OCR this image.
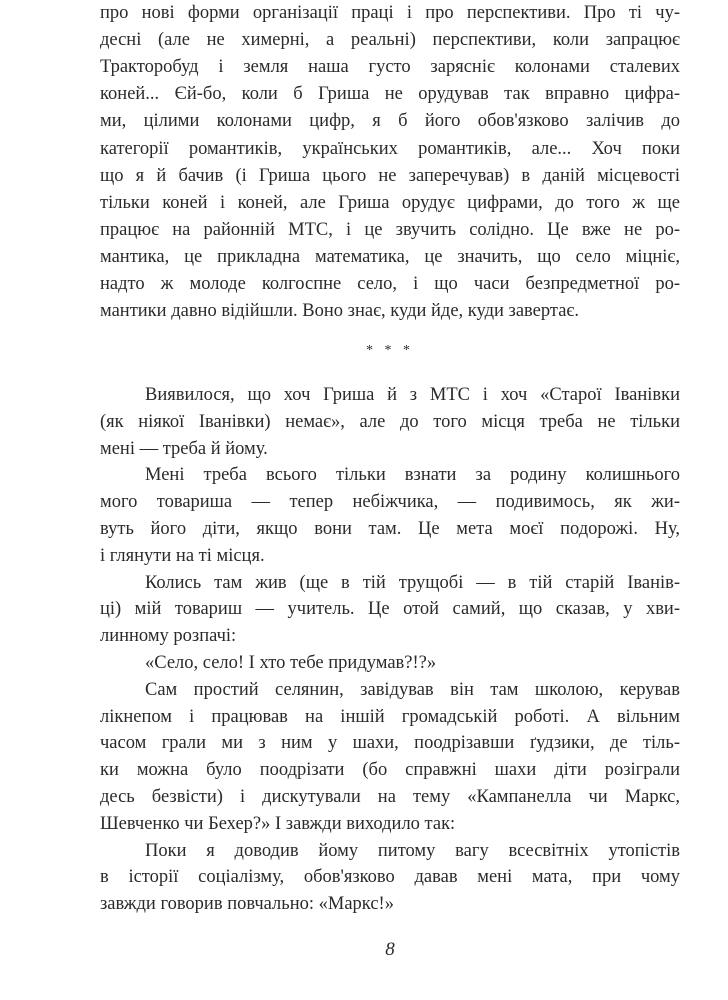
* * *
8
про нові форми організації праці і про перспективи. Про ті чу-
десні (але не химерні, а реальні) перспективи, коли запрацює
Тракторобуд і земля наша густо зарясніє колонами сталевих
коней... Єй-бо, коли б Гриша не орудував так вправно цифра-
ми, цілими колонами цифр, я б його обов'язково залічив до
категорії романтиків, українських романтиків, але... Хоч поки
що я й бачив (і Гриша цього не заперечував) в даній місцевості
тільки коней і коней, але Гриша орудує цифрами, до того ж ще
працює на районній МТС, і це звучить солідно. Це вже не ро-
мантика, це прикладна математика, це значить, що село міцніє,
надто ж молоде колгоспне село, і що часи безпредметної ро-
мантики давно відійшли. Воно знає, куди йде, куди завертає.
Виявилося, що хоч Гриша й з МТС і хоч «Старої Іванівки
(як ніякої Іванівки) немає», але до того місця треба не тільки
мені — треба й йому.
Мені треба всього тільки взнати за родину колишнього
мого товариша — тепер небіжчика, — подивимось, як жи-
вуть його діти, якщо вони там. Це мета моєї подорожі. Ну,
і глянути на ті місця.
Колись там жив (ще в тій трущобі — в тій старій Іванів-
ці) мій товариш — учитель. Це отой самий, що сказав, у хви-
линному розпачі:
«Село, село! І хто тебе придумав?!?»
Сам простий селянин, завідував він там школою, керував
лікнепом і працював на іншій громадській роботі. А вільним
часом грали ми з ним у шахи, поодрізавши ґудзики, де тіль-
ки можна було поодрізати (бо справжні шахи діти розіграли
десь безвісти) і дискутували на тему «Кампанелла чи Маркс,
Шевченко чи Бехер?» І завжди виходило так:
Поки я доводив йому питому вагу всесвітніх утопістів
в історії соціалізму, обов'язково давав мені мата, при чому
завжди говорив повчально: «Маркс!»
